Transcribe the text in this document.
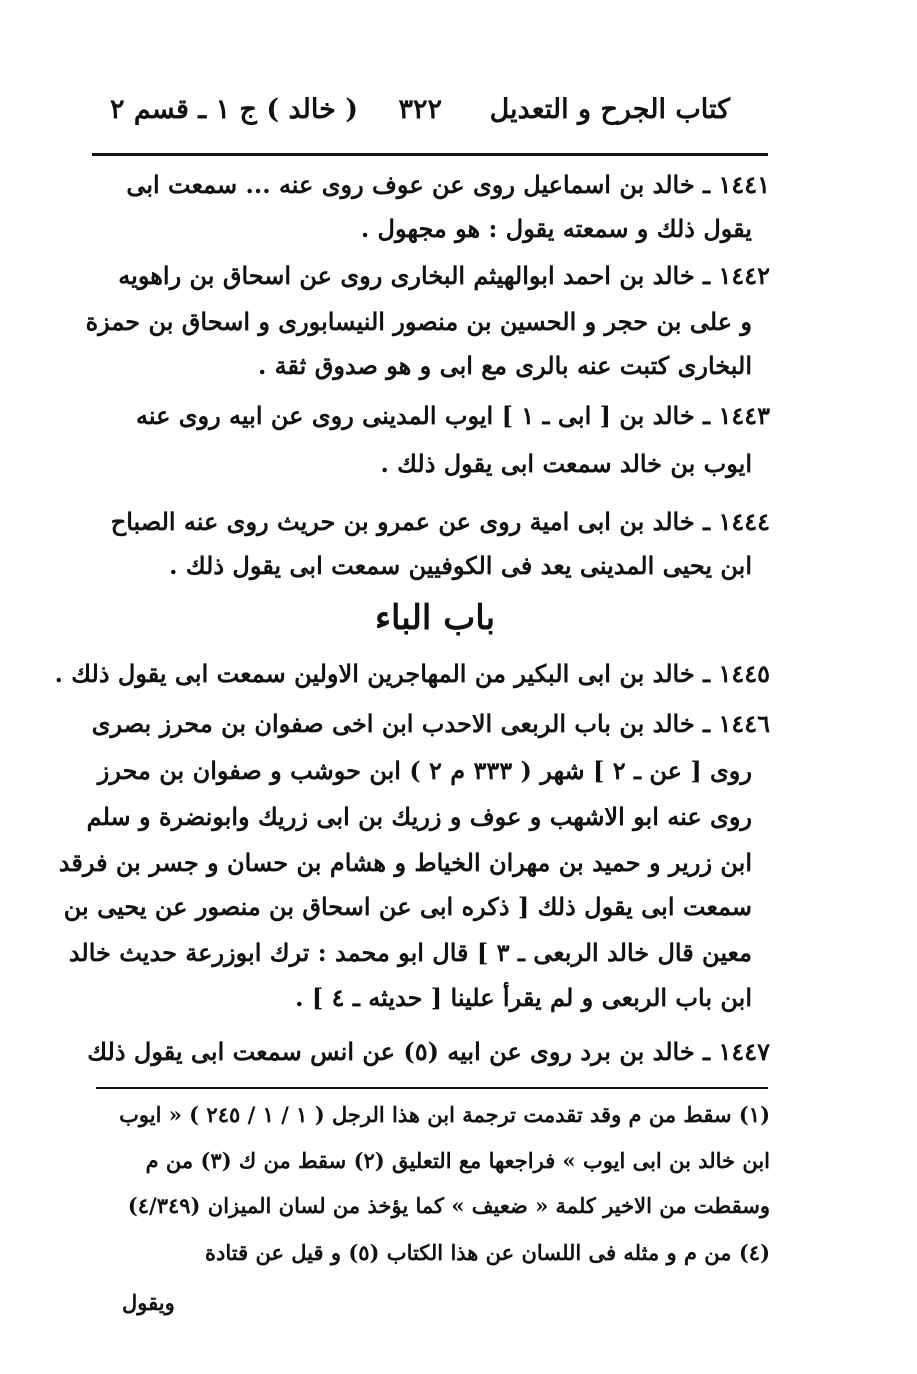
كتاب الجرح و التعديل
٣٢٢
( خالد ) ج ١ ـ قسم ٢
١٤٤١ ـ خالد بن اسماعيل روى عن عوف روى عنه ... سمعت ابى
يقول ذلك و سمعته يقول : هو مجهول .
١٤٤٢ ـ خالد بن احمد ابوالهيثم البخارى روى عن اسحاق بن راهويه
و على بن حجر و الحسين بن منصور النيسابورى و اسحاق بن حمزة
البخارى كتبت عنه بالرى مع ابى و هو صدوق ثقة .
١٤٤٣ ـ خالد بن [ ابى ـ ١ ] ايوب المدينى روى عن ابيه روى عنه
ايوب بن خالد سمعت ابى يقول ذلك .
١٤٤٤ ـ خالد بن ابى امية روى عن عمرو بن حريث روى عنه الصباح
ابن يحيى المدينى يعد فى الكوفيين سمعت ابى يقول ذلك .
باب الباء
١٤٤٥ ـ خالد بن ابى البكير من المهاجرين الاولين سمعت ابى يقول ذلك .
١٤٤٦ ـ خالد بن باب الربعى الاحدب ابن اخى صفوان بن محرز بصرى
روى [ عن ـ ٢ ] شهر ( ٣٣٣ م ٢ ) ابن حوشب و صفوان بن محرز
روى عنه ابو الاشهب و عوف و زريك بن ابى زريك وابونضرة و سلم
ابن زرير و حميد بن مهران الخياط و هشام بن حسان و جسر بن فرقد
سمعت ابى يقول ذلك [ ذكره ابى عن اسحاق بن منصور عن يحيى بن
معين قال خالد الربعى ـ ٣ ] قال ابو محمد : ترك ابوزرعة حديث خالد
ابن باب الربعى و لم يقرأ علينا [ حديثه ـ ٤ ] .
١٤٤٧ ـ خالد بن برد روى عن ابيه (٥) عن انس سمعت ابى يقول ذلك
(١) سقط من م وقد تقدمت ترجمة ابن هذا الرجل ( ١ / ١ / ٢٤٥ ) « ايوب
ابن خالد بن ابى ايوب » فراجعها مع التعليق (٢) سقط من ك (٣) من م
وسقطت من الاخير كلمة « ضعيف » كما يؤخذ من لسان الميزان (٤/٣٤٩)
(٤) من م و مثله فى اللسان عن هذا الكتاب (٥) و قيل عن قتادة
ويقول
